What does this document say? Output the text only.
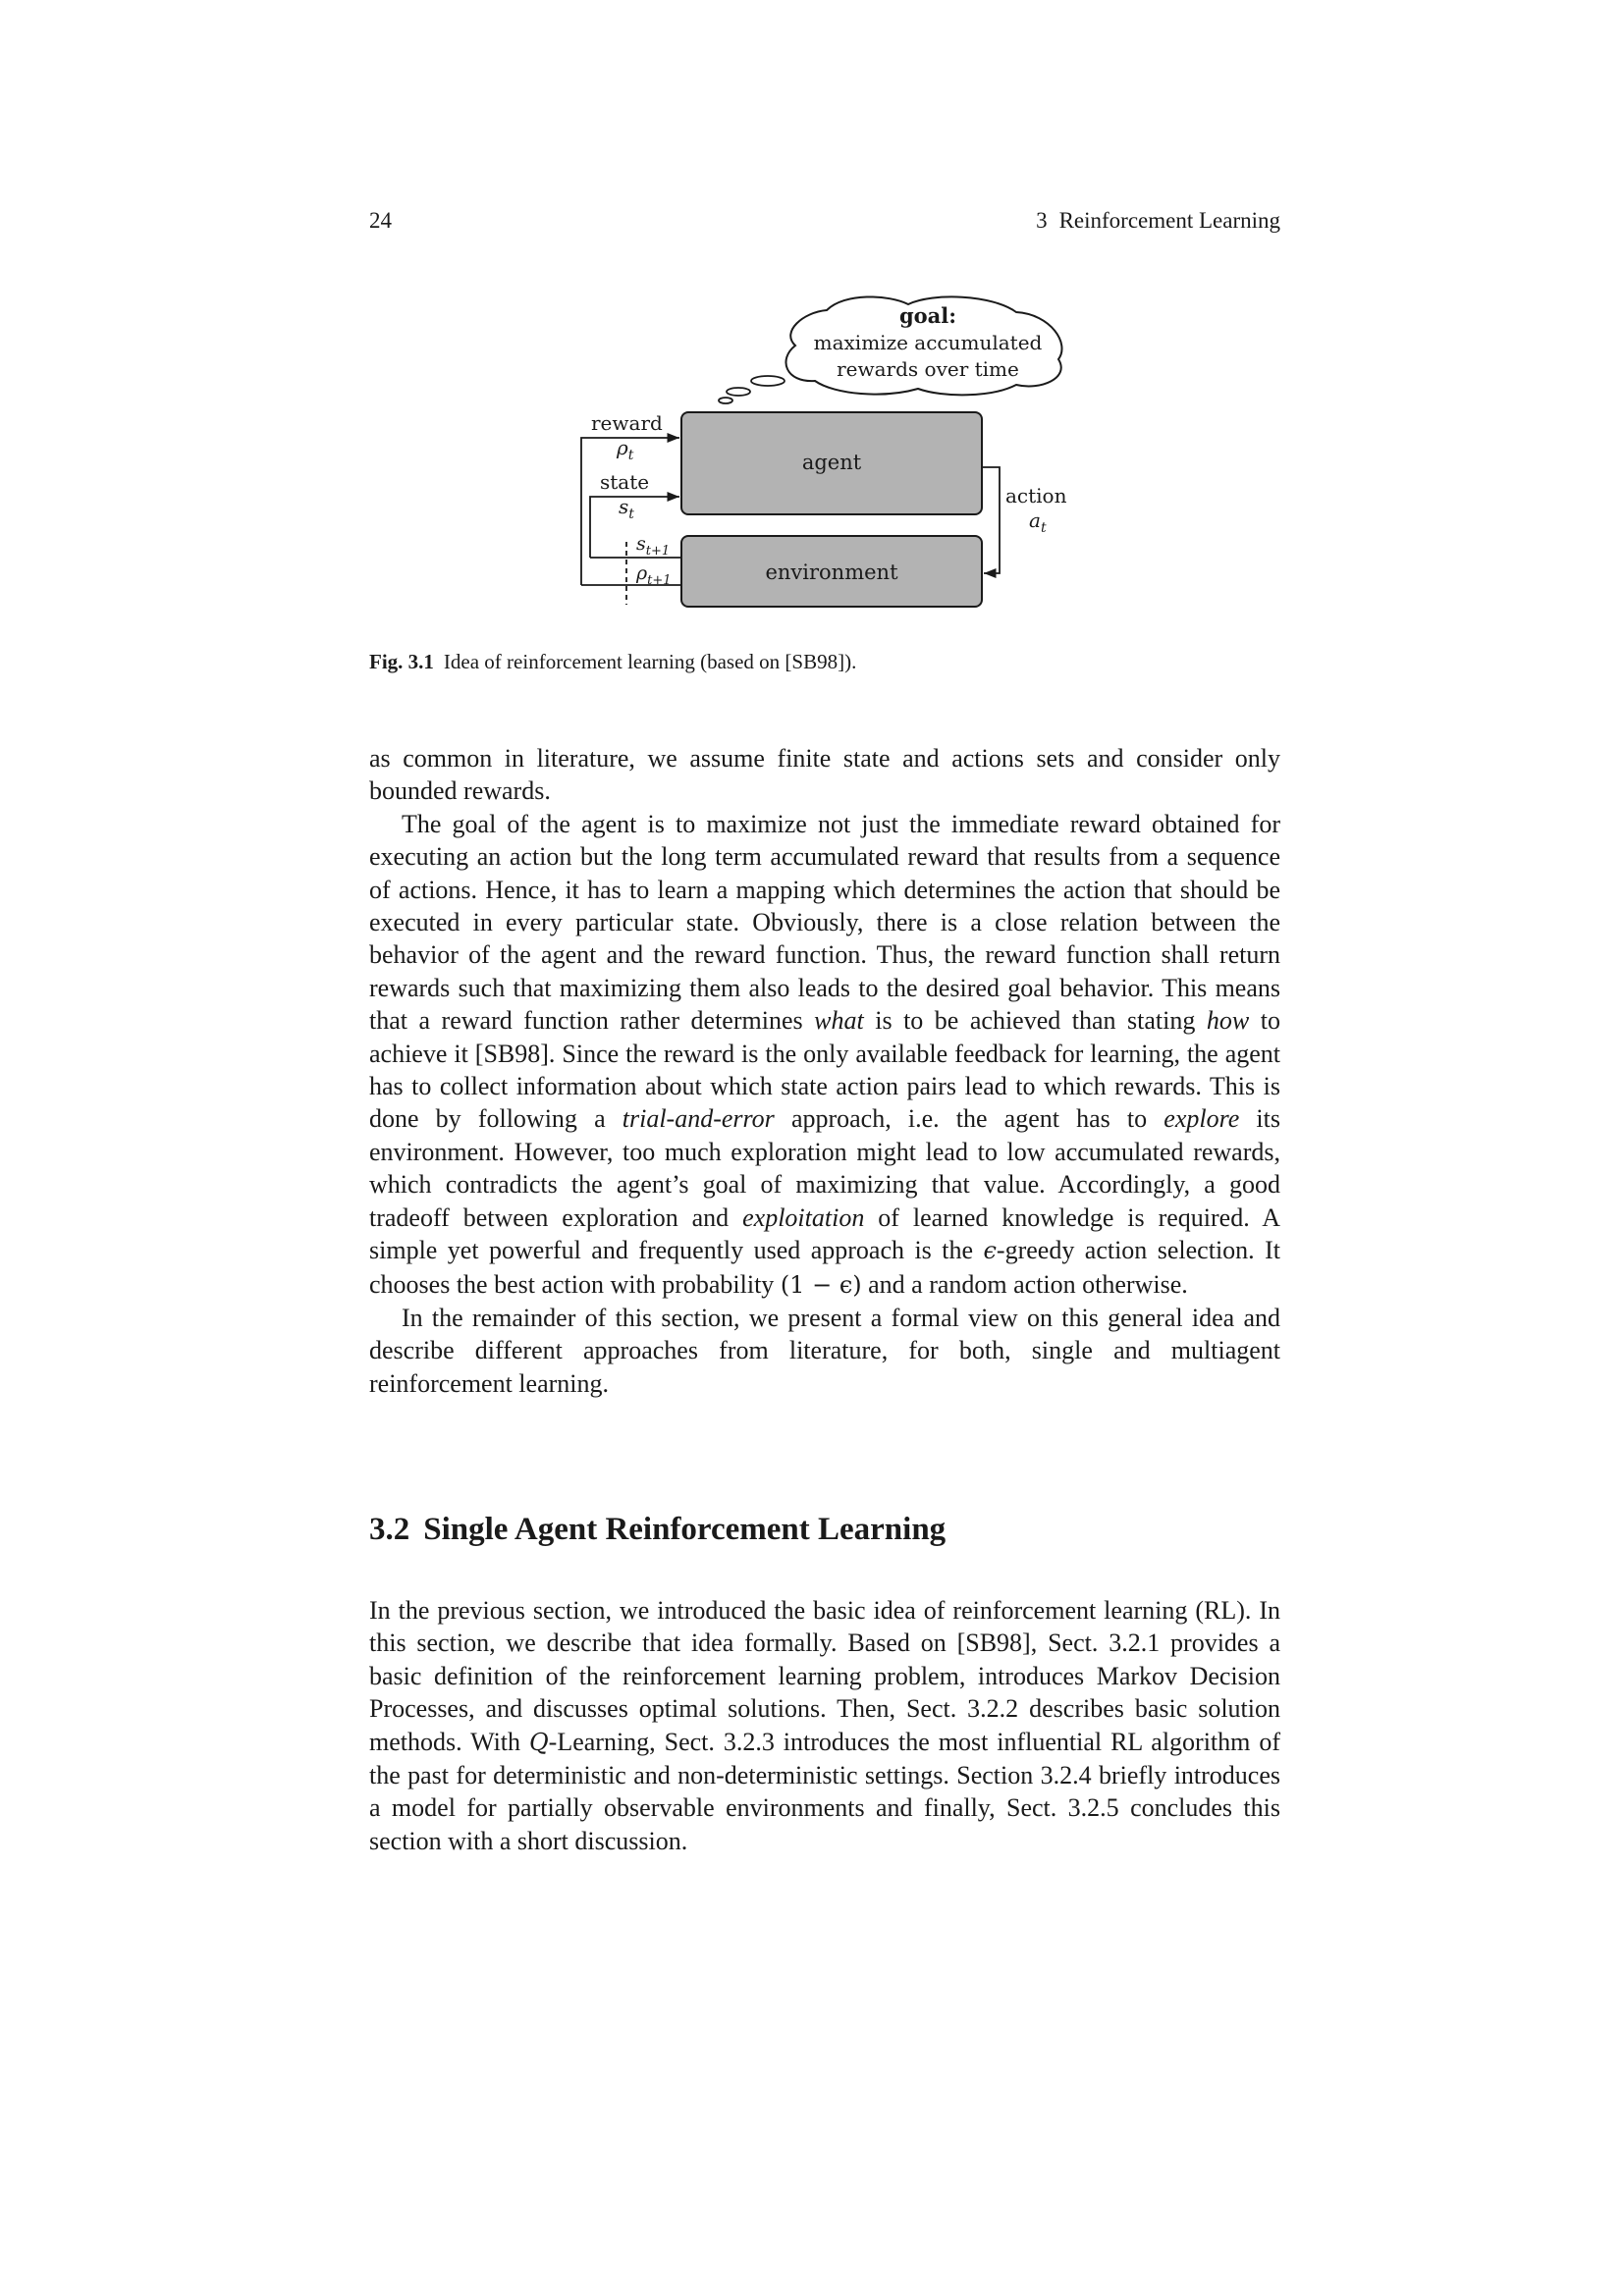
24	3 Reinforcement Learning
goal:
maximize accumulated
rewards over time
agent
environment
action
$a_t$
reward
$\rho_t$
state
$s_t$
$s_{t+1}$
$\rho_{t+1}$
Fig. 3.1 Idea of reinforcement learning (based on [SB98]).

as common in literature, we assume finite state and actions sets and consider only bounded rewards.

The goal of the agent is to maximize not just the immediate reward obtained for executing an action but the long term accumulated reward that results from a sequence of actions. Hence, it has to learn a mapping which determines the action that should be executed in every particular state. Obviously, there is a close relation between the behavior of the agent and the reward function. Thus, the reward function shall return rewards such that maximizing them also leads to the desired goal behavior. This means that a reward function rather determines what is to be achieved than stating how to achieve it [SB98]. Since the reward is the only available feedback for learning, the agent has to collect information about which state action pairs lead to which rewards. This is done by following a trial-and-error approach, i.e. the agent has to explore its environment. However, too much exploration might lead to low accumulated rewards, which contradicts the agent’s goal of maximizing that value. Accordingly, a good tradeoff between exploration and exploitation of learned knowledge is required. A simple yet powerful and frequently used approach is the ϵ-greedy action selection. It chooses the best action with probability (1 − ϵ) and a random action otherwise.

In the remainder of this section, we present a formal view on this general idea and describe different approaches from literature, for both, single and multiagent reinforcement learning.

3.2 Single Agent Reinforcement Learning

In the previous section, we introduced the basic idea of reinforcement learning (RL). In this section, we describe that idea formally. Based on [SB98], Sect. 3.2.1 provides a basic definition of the reinforcement learning problem, introduces Markov Decision Processes, and discusses optimal solutions. Then, Sect. 3.2.2 describes basic solution methods. With Q-Learning, Sect. 3.2.3 introduces the most influential RL algorithm of the past for deterministic and non-deterministic settings. Section 3.2.4 briefly introduces a model for partially observable environments and finally, Sect. 3.2.5 concludes this section with a short discussion.
